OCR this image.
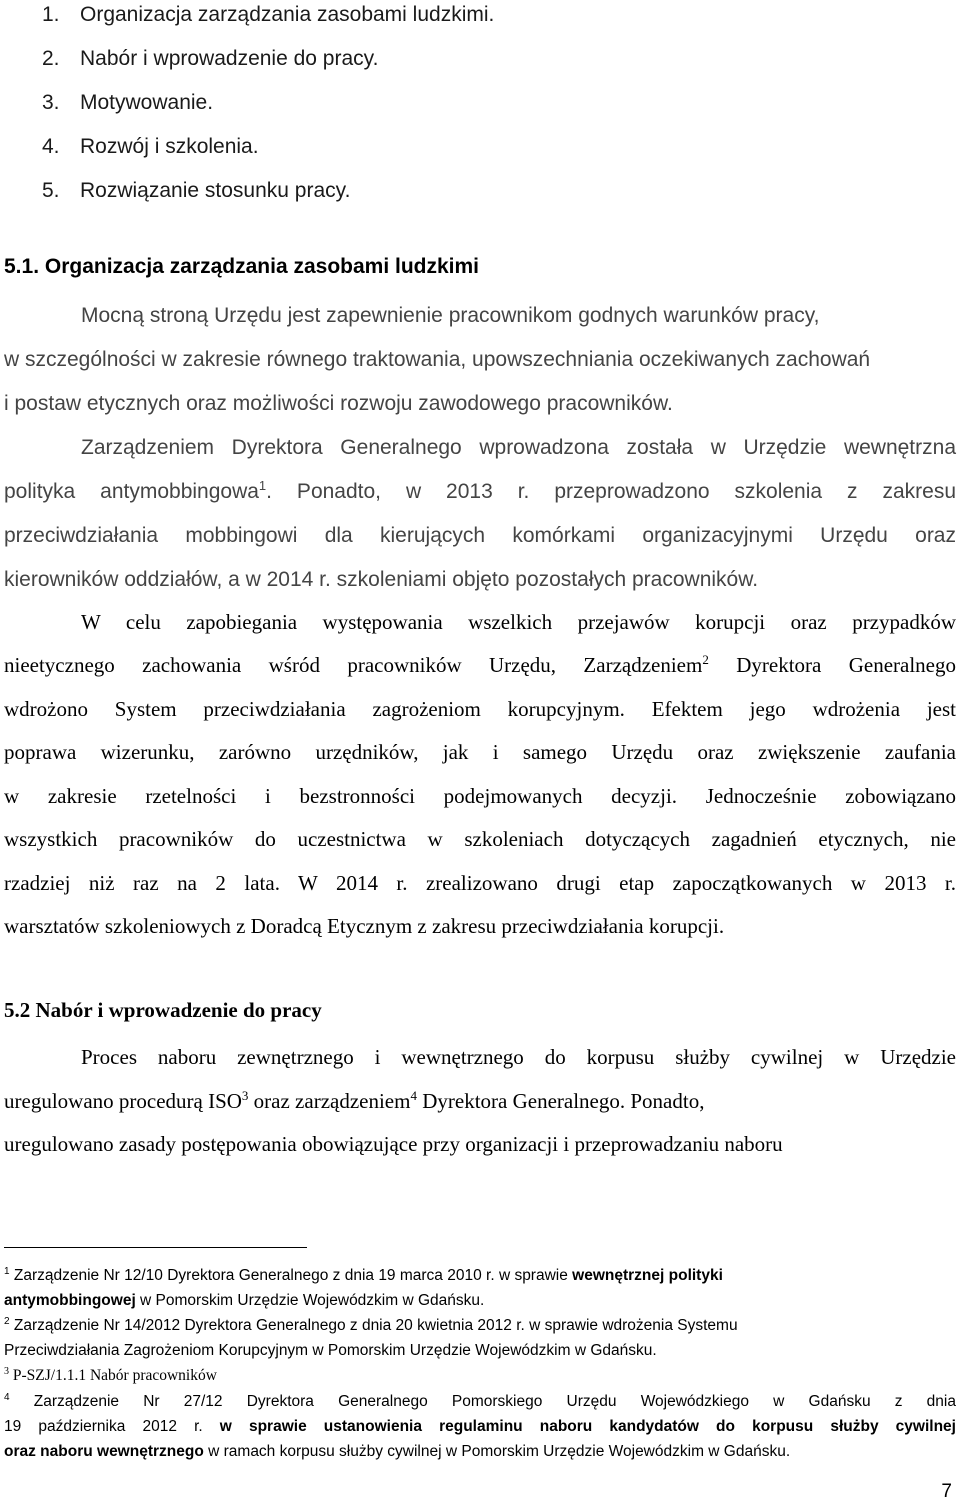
1. Organizacja zarządzania zasobami ludzkimi.
2. Nabór i wprowadzenie do pracy.
3. Motywowanie.
4. Rozwój i szkolenia.
5. Rozwiązanie stosunku pracy.
5.1. Organizacja zarządzania zasobami ludzkimi
Mocną stroną Urzędu jest zapewnienie pracownikom godnych warunków pracy,
w szczególności w zakresie równego traktowania, upowszechniania oczekiwanych zachowań
i postaw etycznych oraz możliwości rozwoju zawodowego pracowników.
Zarządzeniem Dyrektora Generalnego wprowadzona została w Urzędzie wewnętrzna
polityka antymobbingowa$^1$. Ponadto, w 2013 r. przeprowadzono szkolenia z zakresu
przeciwdziałania mobbingowi dla kierujących komórkami organizacyjnymi Urzędu oraz
kierowników oddziałów, a w 2014 r. szkoleniami objęto pozostałych pracowników.
W celu zapobiegania występowania wszelkich przejawów korupcji oraz przypadków
nieetycznego zachowania wśród pracowników Urzędu, Zarządzeniem$^2$ Dyrektora Generalnego
wdrożono System przeciwdziałania zagrożeniom korupcyjnym. Efektem jego wdrożenia jest
poprawa wizerunku, zarówno urzędników, jak i samego Urzędu oraz zwiększenie zaufania
w zakresie rzetelności i bezstronności podejmowanych decyzji. Jednocześnie zobowiązano
wszystkich pracowników do uczestnictwa w szkoleniach dotyczących zagadnień etycznych, nie
rzadziej niż raz na 2 lata. W 2014 r. zrealizowano drugi etap zapoczątkowanych w 2013 r.
warsztatów szkoleniowych z Doradcą Etycznym z zakresu przeciwdziałania korupcji.
5.2 Nabór i wprowadzenie do pracy
Proces naboru zewnętrznego i wewnętrznego do korpusu służby cywilnej w Urzędzie
uregulowano procedurą ISO$^3$ oraz zarządzeniem$^4$ Dyrektora Generalnego. Ponadto,
uregulowano zasady postępowania obowiązujące przy organizacji i przeprowadzaniu naboru
$^1$ Zarządzenie Nr 12/10 Dyrektora Generalnego z dnia 19 marca 2010 r. w sprawie wewnętrznej polityki
antymobbingowej w Pomorskim Urzędzie Wojewódzkim w Gdańsku.
$^2$ Zarządzenie Nr 14/2012 Dyrektora Generalnego z dnia 20 kwietnia 2012 r. w sprawie wdrożenia Systemu
Przeciwdziałania Zagrożeniom Korupcyjnym w Pomorskim Urzędzie Wojewódzkim w Gdańsku.
$^3$ P-SZJ/1.1.1 Nabór pracowników
$^4$ Zarządzenie Nr 27/12 Dyrektora Generalnego Pomorskiego Urzędu Wojewódzkiego w Gdańsku z dnia
19 października 2012 r. w sprawie ustanowienia regulaminu naboru kandydatów do korpusu służby cywilnej
oraz naboru wewnętrznego w ramach korpusu służby cywilnej w Pomorskim Urzędzie Wojewódzkim w Gdańsku.
7
